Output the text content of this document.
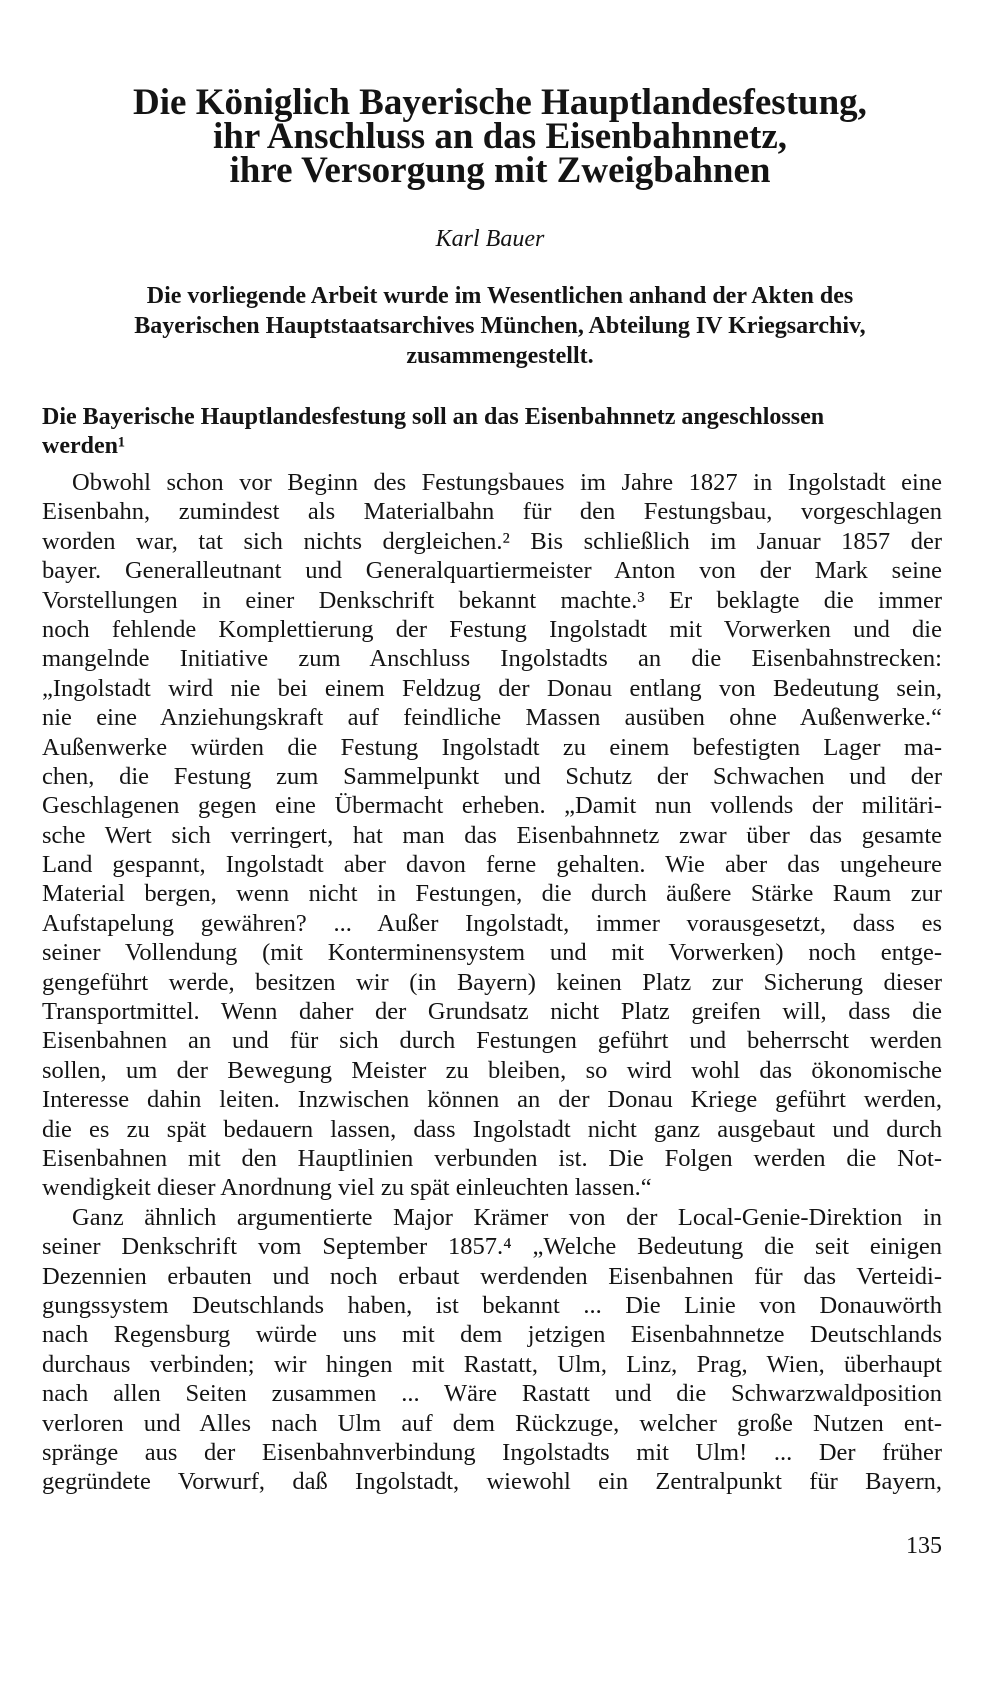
Die Königlich Bayerische Hauptlandesfestung,
ihr Anschluss an das Eisenbahnnetz,
ihre Versorgung mit Zweigbahnen
Karl Bauer
Die vorliegende Arbeit wurde im Wesentlichen anhand der Akten des
Bayerischen Hauptstaatsarchives München, Abteilung IV Kriegsarchiv,
zusammengestellt.
Die Bayerische Hauptlandesfestung soll an das Eisenbahnnetz angeschlossen
werden¹
Obwohl schon vor Beginn des Festungsbaues im Jahre 1827 in Ingolstadt eine
Eisenbahn, zumindest als Materialbahn für den Festungsbau, vorgeschlagen
worden war, tat sich nichts dergleichen.² Bis schließlich im Januar 1857 der
bayer. Generalleutnant und Generalquartiermeister Anton von der Mark seine
Vorstellungen in einer Denkschrift bekannt machte.³ Er beklagte die immer
noch fehlende Komplettierung der Festung Ingolstadt mit Vorwerken und die
mangelnde Initiative zum Anschluss Ingolstadts an die Eisenbahnstrecken:
„Ingolstadt wird nie bei einem Feldzug der Donau entlang von Bedeutung sein,
nie eine Anziehungskraft auf feindliche Massen ausüben ohne Außenwerke.“
Außenwerke würden die Festung Ingolstadt zu einem befestigten Lager ma-
chen, die Festung zum Sammelpunkt und Schutz der Schwachen und der
Geschlagenen gegen eine Übermacht erheben. „Damit nun vollends der militäri-
sche Wert sich verringert, hat man das Eisenbahnnetz zwar über das gesamte
Land gespannt, Ingolstadt aber davon ferne gehalten. Wie aber das ungeheure
Material bergen, wenn nicht in Festungen, die durch äußere Stärke Raum zur
Aufstapelung gewähren? ... Außer Ingolstadt, immer vorausgesetzt, dass es
seiner Vollendung (mit Konterminensystem und mit Vorwerken) noch entge-
gengeführt werde, besitzen wir (in Bayern) keinen Platz zur Sicherung dieser
Transportmittel. Wenn daher der Grundsatz nicht Platz greifen will, dass die
Eisenbahnen an und für sich durch Festungen geführt und beherrscht werden
sollen, um der Bewegung Meister zu bleiben, so wird wohl das ökonomische
Interesse dahin leiten. Inzwischen können an der Donau Kriege geführt werden,
die es zu spät bedauern lassen, dass Ingolstadt nicht ganz ausgebaut und durch
Eisenbahnen mit den Hauptlinien verbunden ist. Die Folgen werden die Not-
wendigkeit dieser Anordnung viel zu spät einleuchten lassen.“
Ganz ähnlich argumentierte Major Krämer von der Local-Genie-Direktion in
seiner Denkschrift vom September 1857.⁴ „Welche Bedeutung die seit einigen
Dezennien erbauten und noch erbaut werdenden Eisenbahnen für das Verteidi-
gungssystem Deutschlands haben, ist bekannt ... Die Linie von Donauwörth
nach Regensburg würde uns mit dem jetzigen Eisenbahnnetze Deutschlands
durchaus verbinden; wir hingen mit Rastatt, Ulm, Linz, Prag, Wien, überhaupt
nach allen Seiten zusammen ... Wäre Rastatt und die Schwarzwaldposition
verloren und Alles nach Ulm auf dem Rückzuge, welcher große Nutzen ent-
spränge aus der Eisenbahnverbindung Ingolstadts mit Ulm! ... Der früher
gegründete Vorwurf, daß Ingolstadt, wiewohl ein Zentralpunkt für Bayern,
135
